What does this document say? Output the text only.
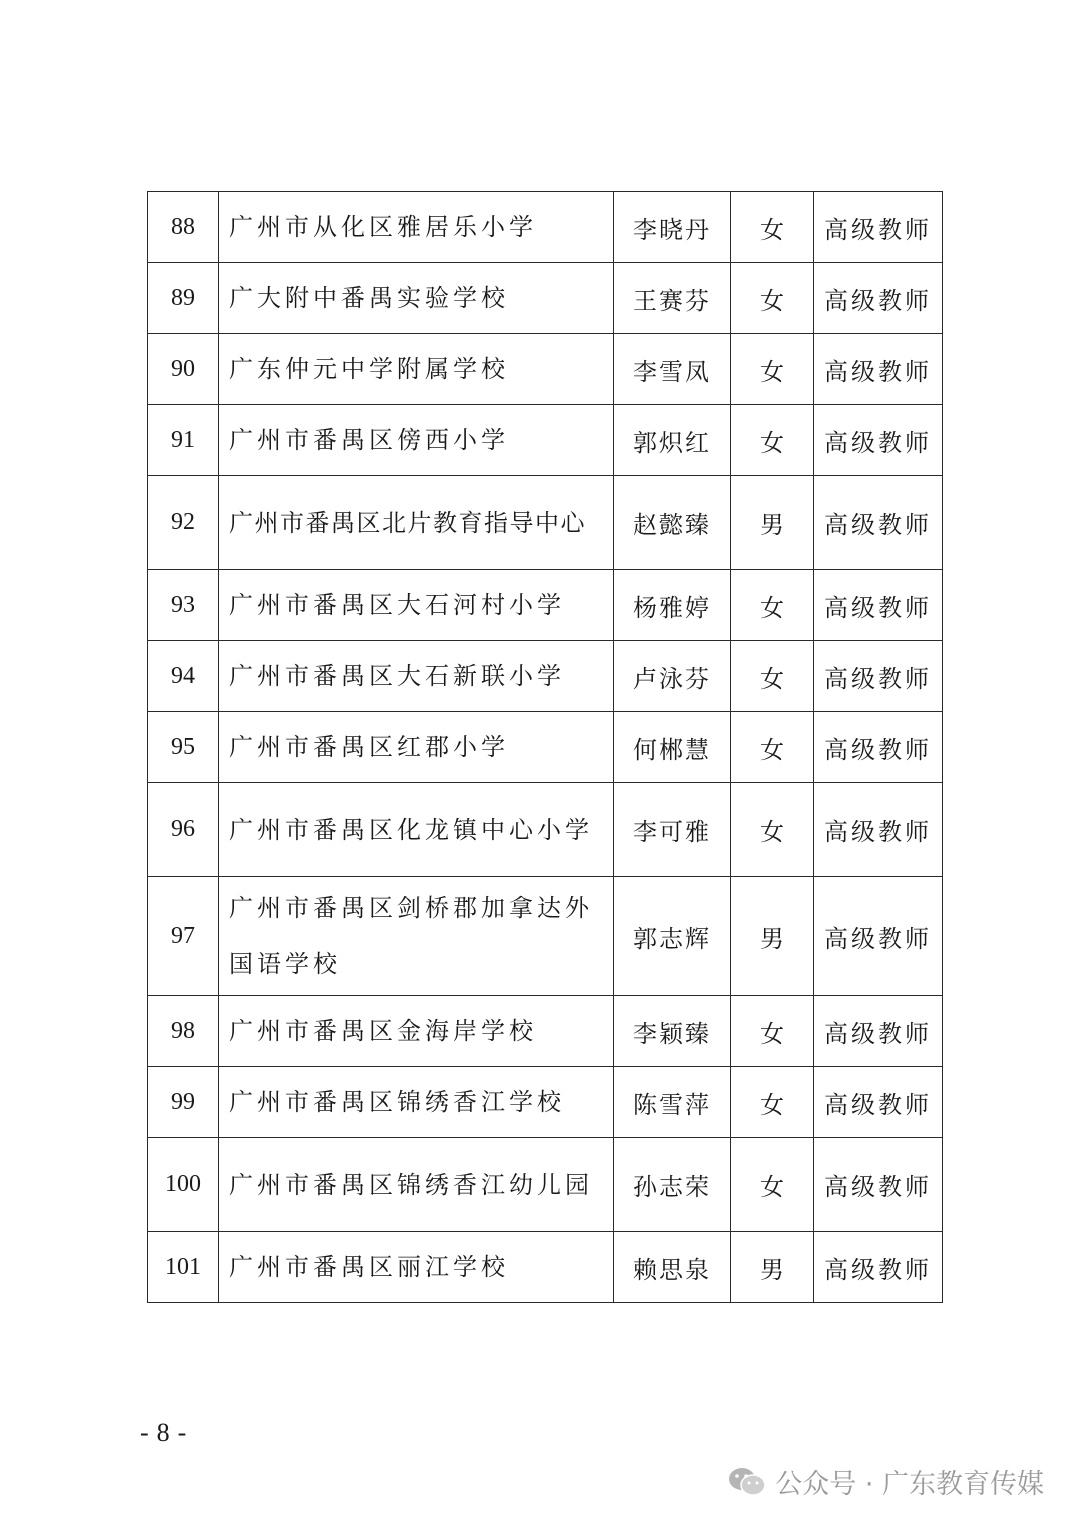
88	广州市从化区雅居乐小学	李晓丹	女	高级教师
89	广大附中番禺实验学校	王赛芬	女	高级教师
90	广东仲元中学附属学校	李雪凤	女	高级教师
91	广州市番禺区傍西小学	郭炽红	女	高级教师
92	广州市番禺区北片教育指导中心	赵懿臻	男	高级教师
93	广州市番禺区大石河村小学	杨雅婷	女	高级教师
94	广州市番禺区大石新联小学	卢泳芬	女	高级教师
95	广州市番禺区红郡小学	何郴慧	女	高级教师
96	广州市番禺区化龙镇中心小学	李可雅	女	高级教师
97	广州市番禺区剑桥郡加拿达外国语学校	郭志辉	男	高级教师
98	广州市番禺区金海岸学校	李颖臻	女	高级教师
99	广州市番禺区锦绣香江学校	陈雪萍	女	高级教师
100	广州市番禺区锦绣香江幼儿园	孙志荣	女	高级教师
101	广州市番禺区丽江学校	赖思泉	男	高级教师
-8-
公众号 · 广东教育传媒
